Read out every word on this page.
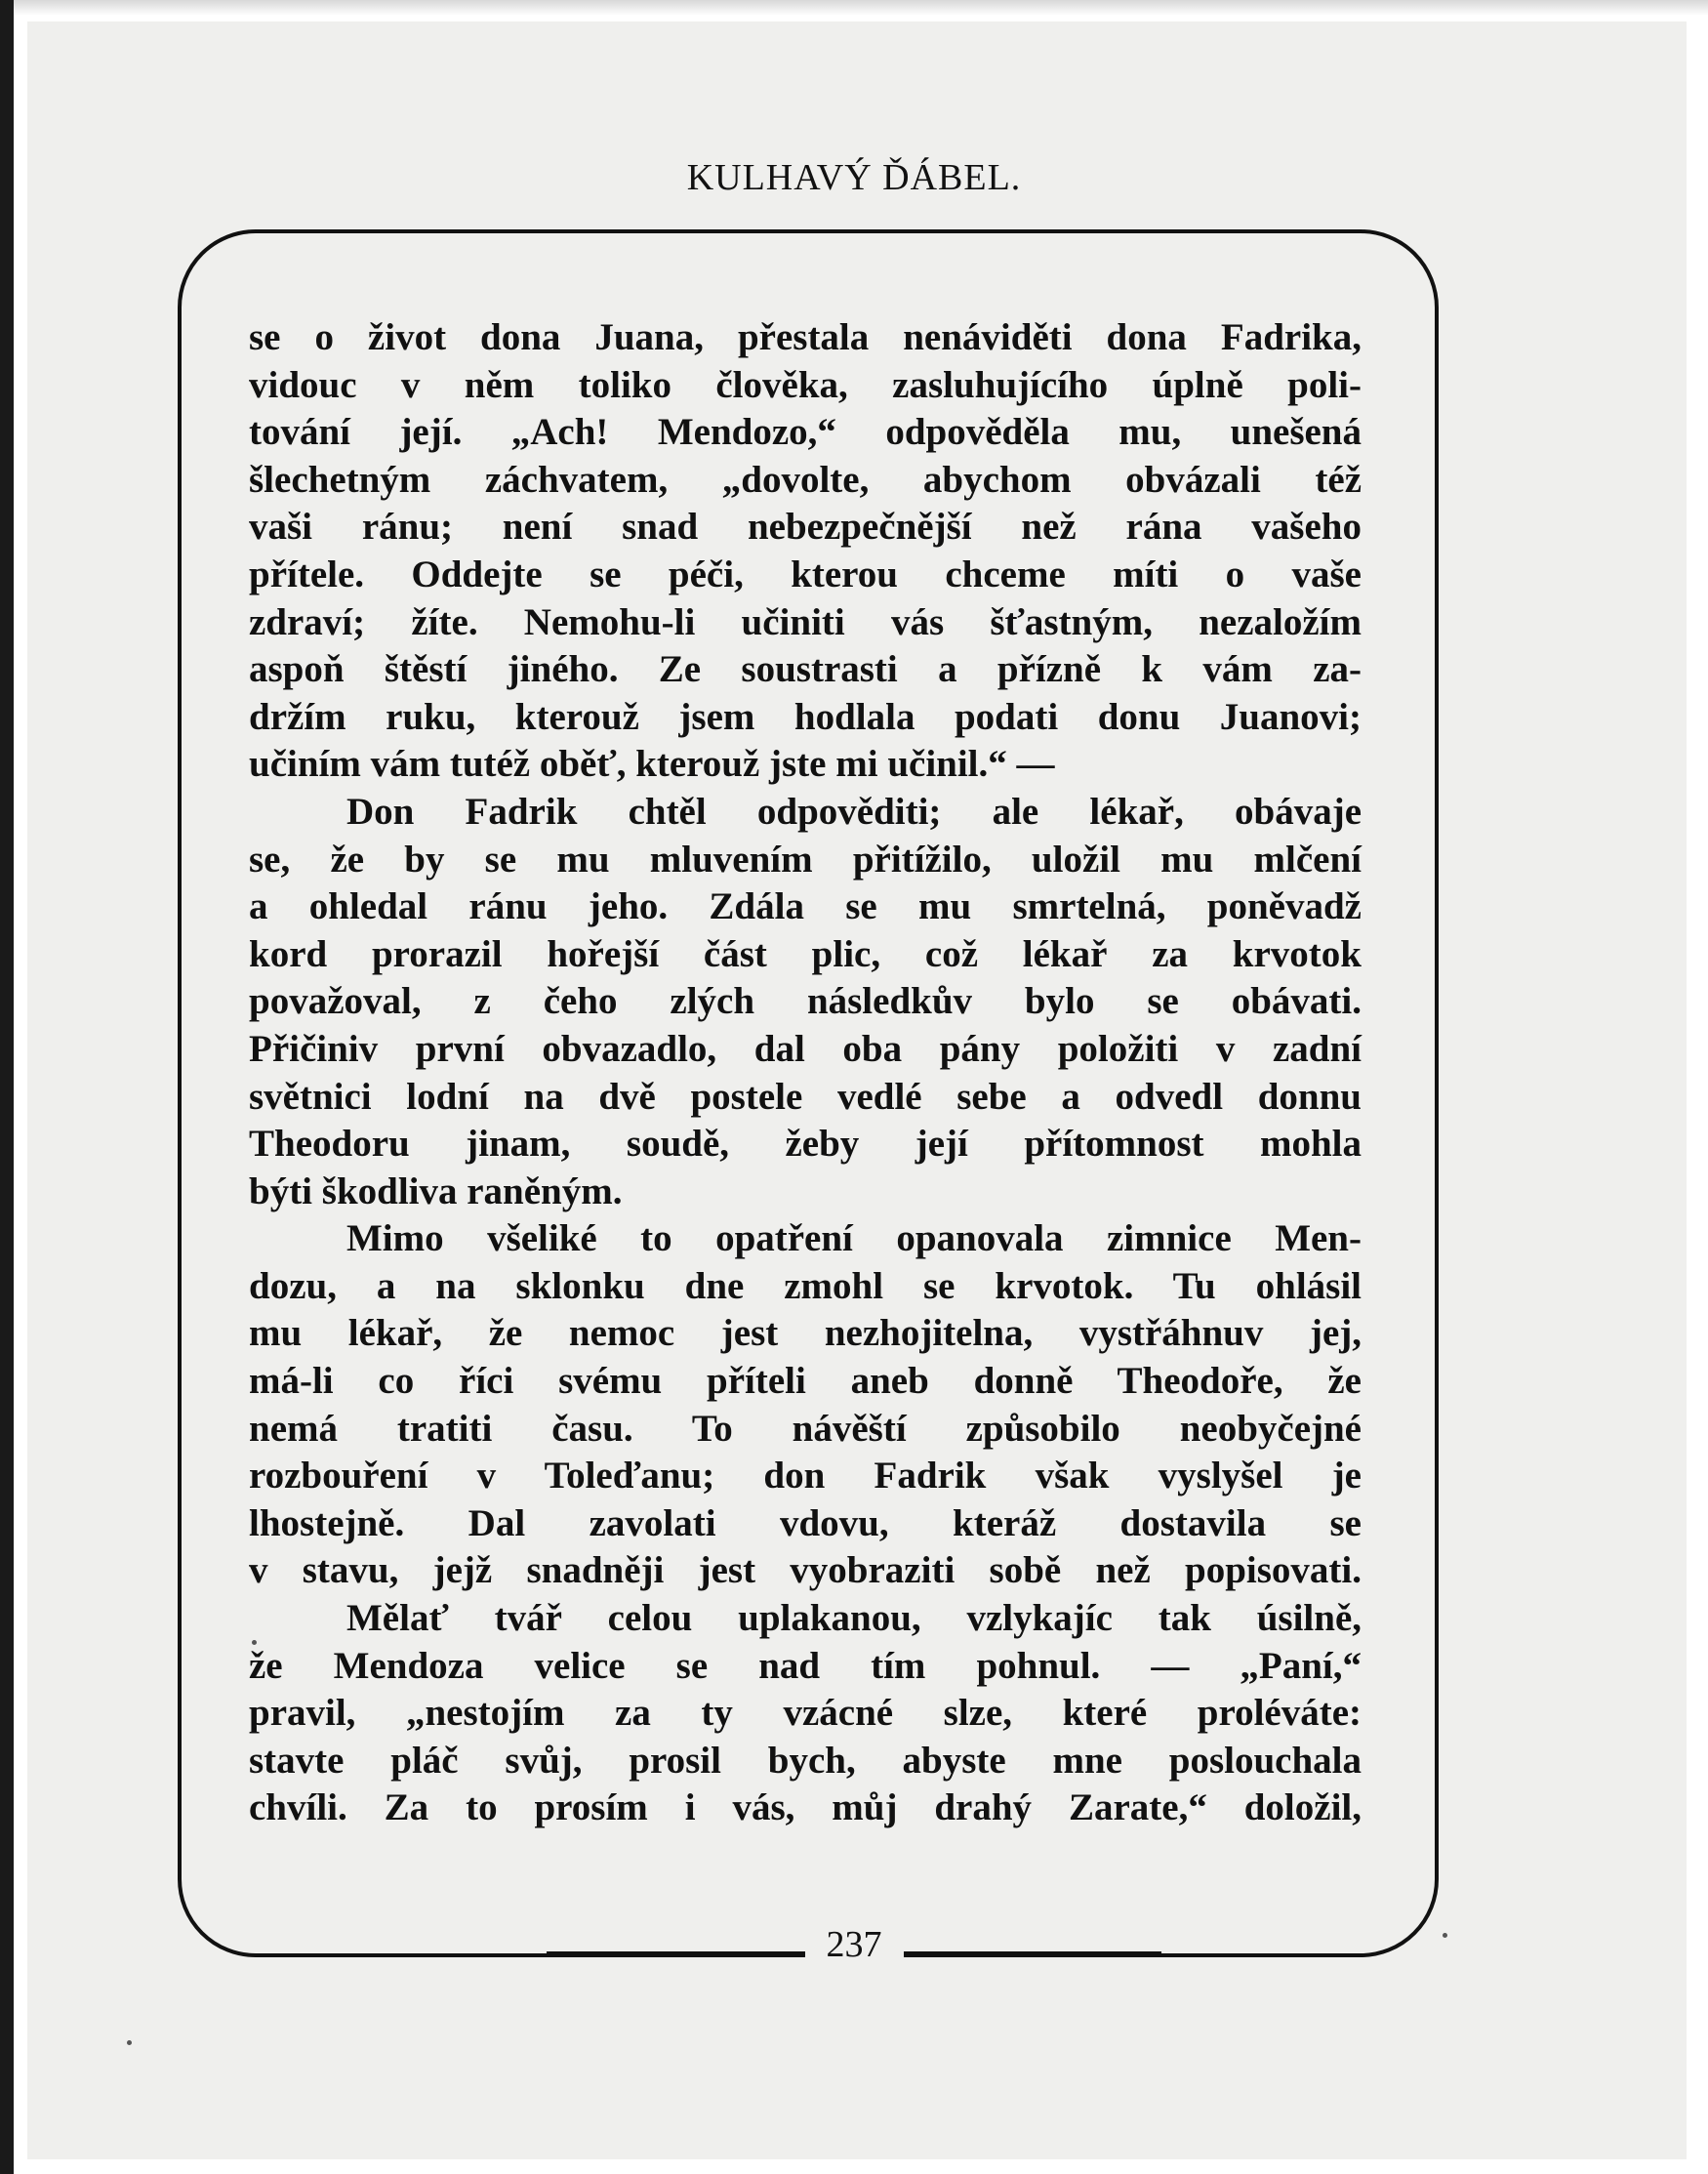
KULHAVÝ ĎÁBEL.
se o život dona Juana, přestala nenáviděti dona Fadrika,
vidouc v něm toliko člověka, zasluhujícího úplně poli-
tování její. „Ach! Mendozo,“ odpověděla mu, unešená
šlechetným záchvatem, „dovolte, abychom obvázali též
vaši ránu; není snad nebezpečnější než rána vašeho
přítele. Oddejte se péči, kterou chceme míti o vaše
zdraví; žíte. Nemohu-li učiniti vás šťastným, nezaložím
aspoň štěstí jiného. Ze soustrasti a přízně k vám za-
držím ruku, kterouž jsem hodlala podati donu Juanovi;
učiním vám tutéž oběť, kterouž jste mi učinil.“ —
Don Fadrik chtěl odpověditi; ale lékař, obávaje
se, že by se mu mluvením přitížilo, uložil mu mlčení
a ohledal ránu jeho. Zdála se mu smrtelná, poněvadž
kord prorazil hořejší část plic, což lékař za krvotok
považoval, z čeho zlých následkův bylo se obávati.
Přičiniv první obvazadlo, dal oba pány položiti v zadní
světnici lodní na dvě postele vedlé sebe a odvedl donnu
Theodoru jinam, soudě, žeby její přítomnost mohla
býti škodliva raněným.
Mimo všeliké to opatření opanovala zimnice Men-
dozu, a na sklonku dne zmohl se krvotok. Tu ohlásil
mu lékař, že nemoc jest nezhojitelna, vystřáhnuv jej,
má-li co říci svému příteli aneb donně Theodoře, že
nemá tratiti času. To návěští způsobilo neobyčejné
rozbouření v Toleďanu; don Fadrik však vyslyšel je
lhostejně. Dal zavolati vdovu, kteráž dostavila se
v stavu, jejž snadněji jest vyobraziti sobě než popisovati.
Mělať tvář celou uplakanou, vzlykajíc tak úsilně,
že Mendoza velice se nad tím pohnul. — „Paní,“
pravil, „nestojím za ty vzácné slze, které proléváte:
stavte pláč svůj, prosil bych, abyste mne poslouchala
chvíli. Za to prosím i vás, můj drahý Zarate,“ doložil,
237
